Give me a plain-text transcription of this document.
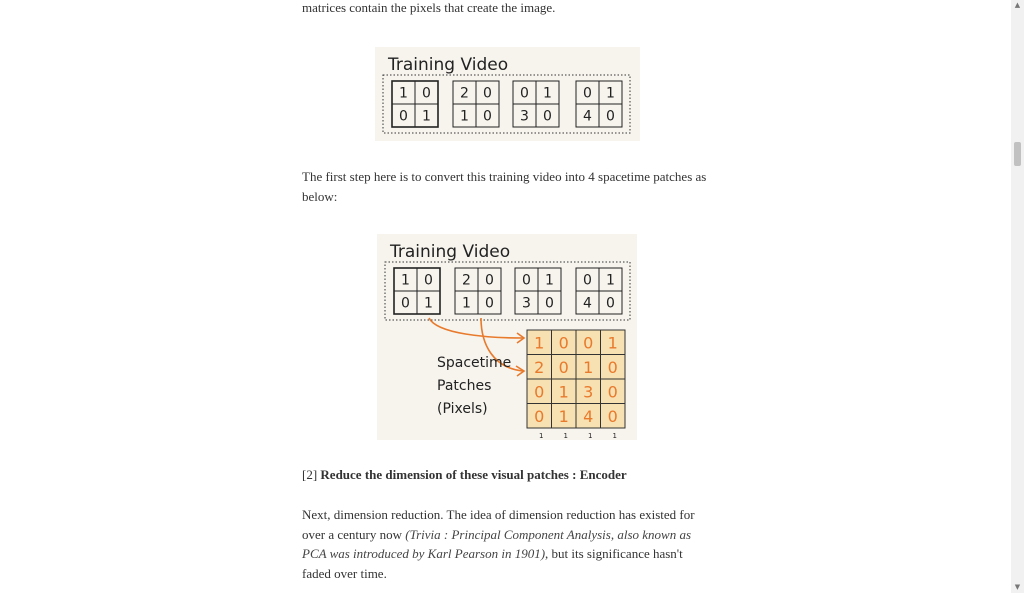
matrices contain the pixels that create the image.

Training Video
1 0
0 1
2 0
1 0
0 1
3 0
0 1
4 0

The first step here is to convert this training video into 4 spacetime patches as below:

Training Video
1 0
0 1
2 0
1 0
0 1
3 0
0 1
4 0
Spacetime
Patches
(Pixels)
1 0 0 1
2 0 1 0
0 1 3 0
0 1 4 0
1	1	1	1

[2] Reduce the dimension of these visual patches : Encoder

Next, dimension reduction. The idea of dimension reduction has existed for over a century now (Trivia : Principal Component Analysis, also known as PCA was introduced by Karl Pearson in 1901), but its significance hasn't faded over time.

▲
▼
